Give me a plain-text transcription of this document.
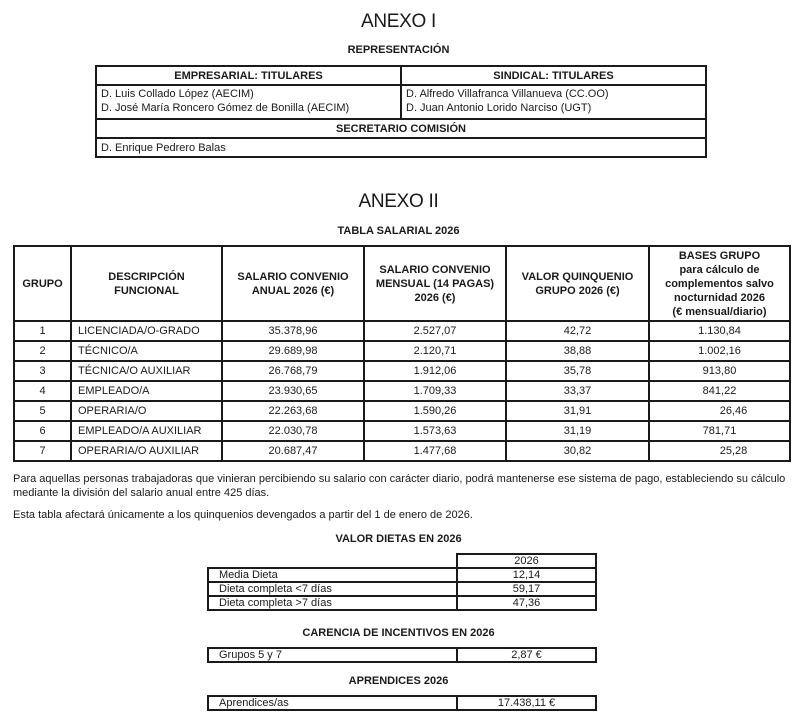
ANEXO I
REPRESENTACIÓN
EMPRESARIAL: TITULARES	SINDICAL: TITULARES

D. Luis Collado López (AECIM)
D. José María Roncero Gómez de Bonilla (AECIM)

D. Alfredo Villafranca Villanueva (CC.OO)
D. Juan Antonio Lorido Narciso (UGT)

SECRETARIO COMISIÓN	
D. Enrique Pedrero Balas	
ANEXO II
TABLA SALARIAL 2026
GRUPO

DESCRIPCIÓN
FUNCIONAL

SALARIO CONVENIO
ANUAL 2026 (€)

SALARIO CONVENIO
MENSUAL (14 PAGAS)
2026 (€)

VALOR QUINQUENIO
GRUPO 2026 (€)

BASES GRUPO
para cálculo de
complementos salvo
nocturnidad 2026
(€ mensual/diario)

1	LICENCIADA/O-GRADO	35.378,96	2.527,07	42,72	1.130,84
2	TÉCNICO/A	29.689,98	2.120,71	38,88	1.002,16
3	TÉCNICA/O AUXILIAR	26.768,79	1.912,06	35,78	913,80
4	EMPLEADO/A	23.930,65	1.709,33	33,37	841,22
5	OPERARIA/O	22.263,68	1.590,26	31,91	26,46
6	EMPLEADO/A AUXILIAR	22.030,78	1.573,63	31,19	781,71
7	OPERARIA/O AUXILIAR	20.687,47	1.477,68	30,82	25,28
Para aquellas personas trabajadoras que vinieran percibiendo su salario con carácter diario, podrá mantenerse ese sistema de pago, estableciendo su cálculo mediante la división del salario anual entre 425 días.
Esta tabla afectará únicamente a los quinquenios devengados a partir del 1 de enero de 2026.
VALOR DIETAS EN 2026
	2026
Media Dieta	12,14
Dieta completa <7 días	59,17
Dieta completa >7 días	47,36
CARENCIA DE INCENTIVOS EN 2026
Grupos 5 y 7	2,87 €
APRENDICES 2026
Aprendices/as	17.438,11 €
